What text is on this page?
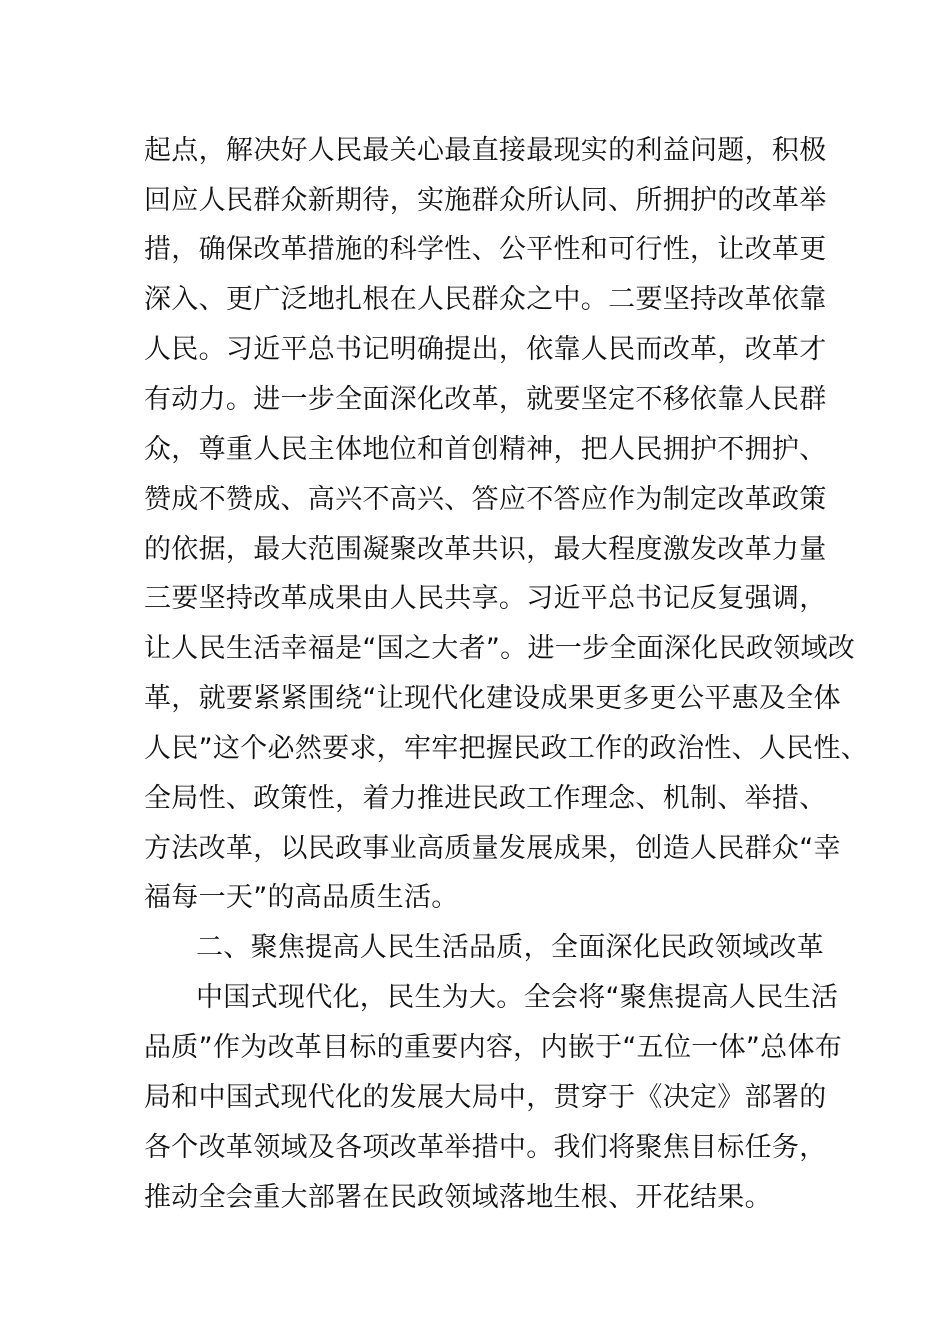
起点，解决好人民最关心最直接最现实的利益问题，积极
回应人民群众新期待，实施群众所认同、所拥护的改革举
措，确保改革措施的科学性、公平性和可行性，让改革更
深入、更广泛地扎根在人民群众之中。二要坚持改革依靠
人民。习近平总书记明确提出，依靠人民而改革，改革才
有动力。进一步全面深化改革，就要坚定不移依靠人民群
众，尊重人民主体地位和首创精神，把人民拥护不拥护、
赞成不赞成、高兴不高兴、答应不答应作为制定改革政策
的依据，最大范围凝聚改革共识，最大程度激发改革力量
三要坚持改革成果由人民共享。习近平总书记反复强调，
让人民生活幸福是“国之大者”。进一步全面深化民政领域改
革，就要紧紧围绕“让现代化建设成果更多更公平惠及全体
人民”这个必然要求，牢牢把握民政工作的政治性、人民性、
全局性、政策性，着力推进民政工作理念、机制、举措、
方法改革，以民政事业高质量发展成果，创造人民群众“幸
福每一天”的高品质生活。
二、聚焦提高人民生活品质，全面深化民政领域改革
中国式现代化，民生为大。全会将“聚焦提高人民生活
品质”作为改革目标的重要内容，内嵌于“五位一体”总体布
局和中国式现代化的发展大局中，贯穿于《决定》部署的
各个改革领域及各项改革举措中。我们将聚焦目标任务，
推动全会重大部署在民政领域落地生根、开花结果。
